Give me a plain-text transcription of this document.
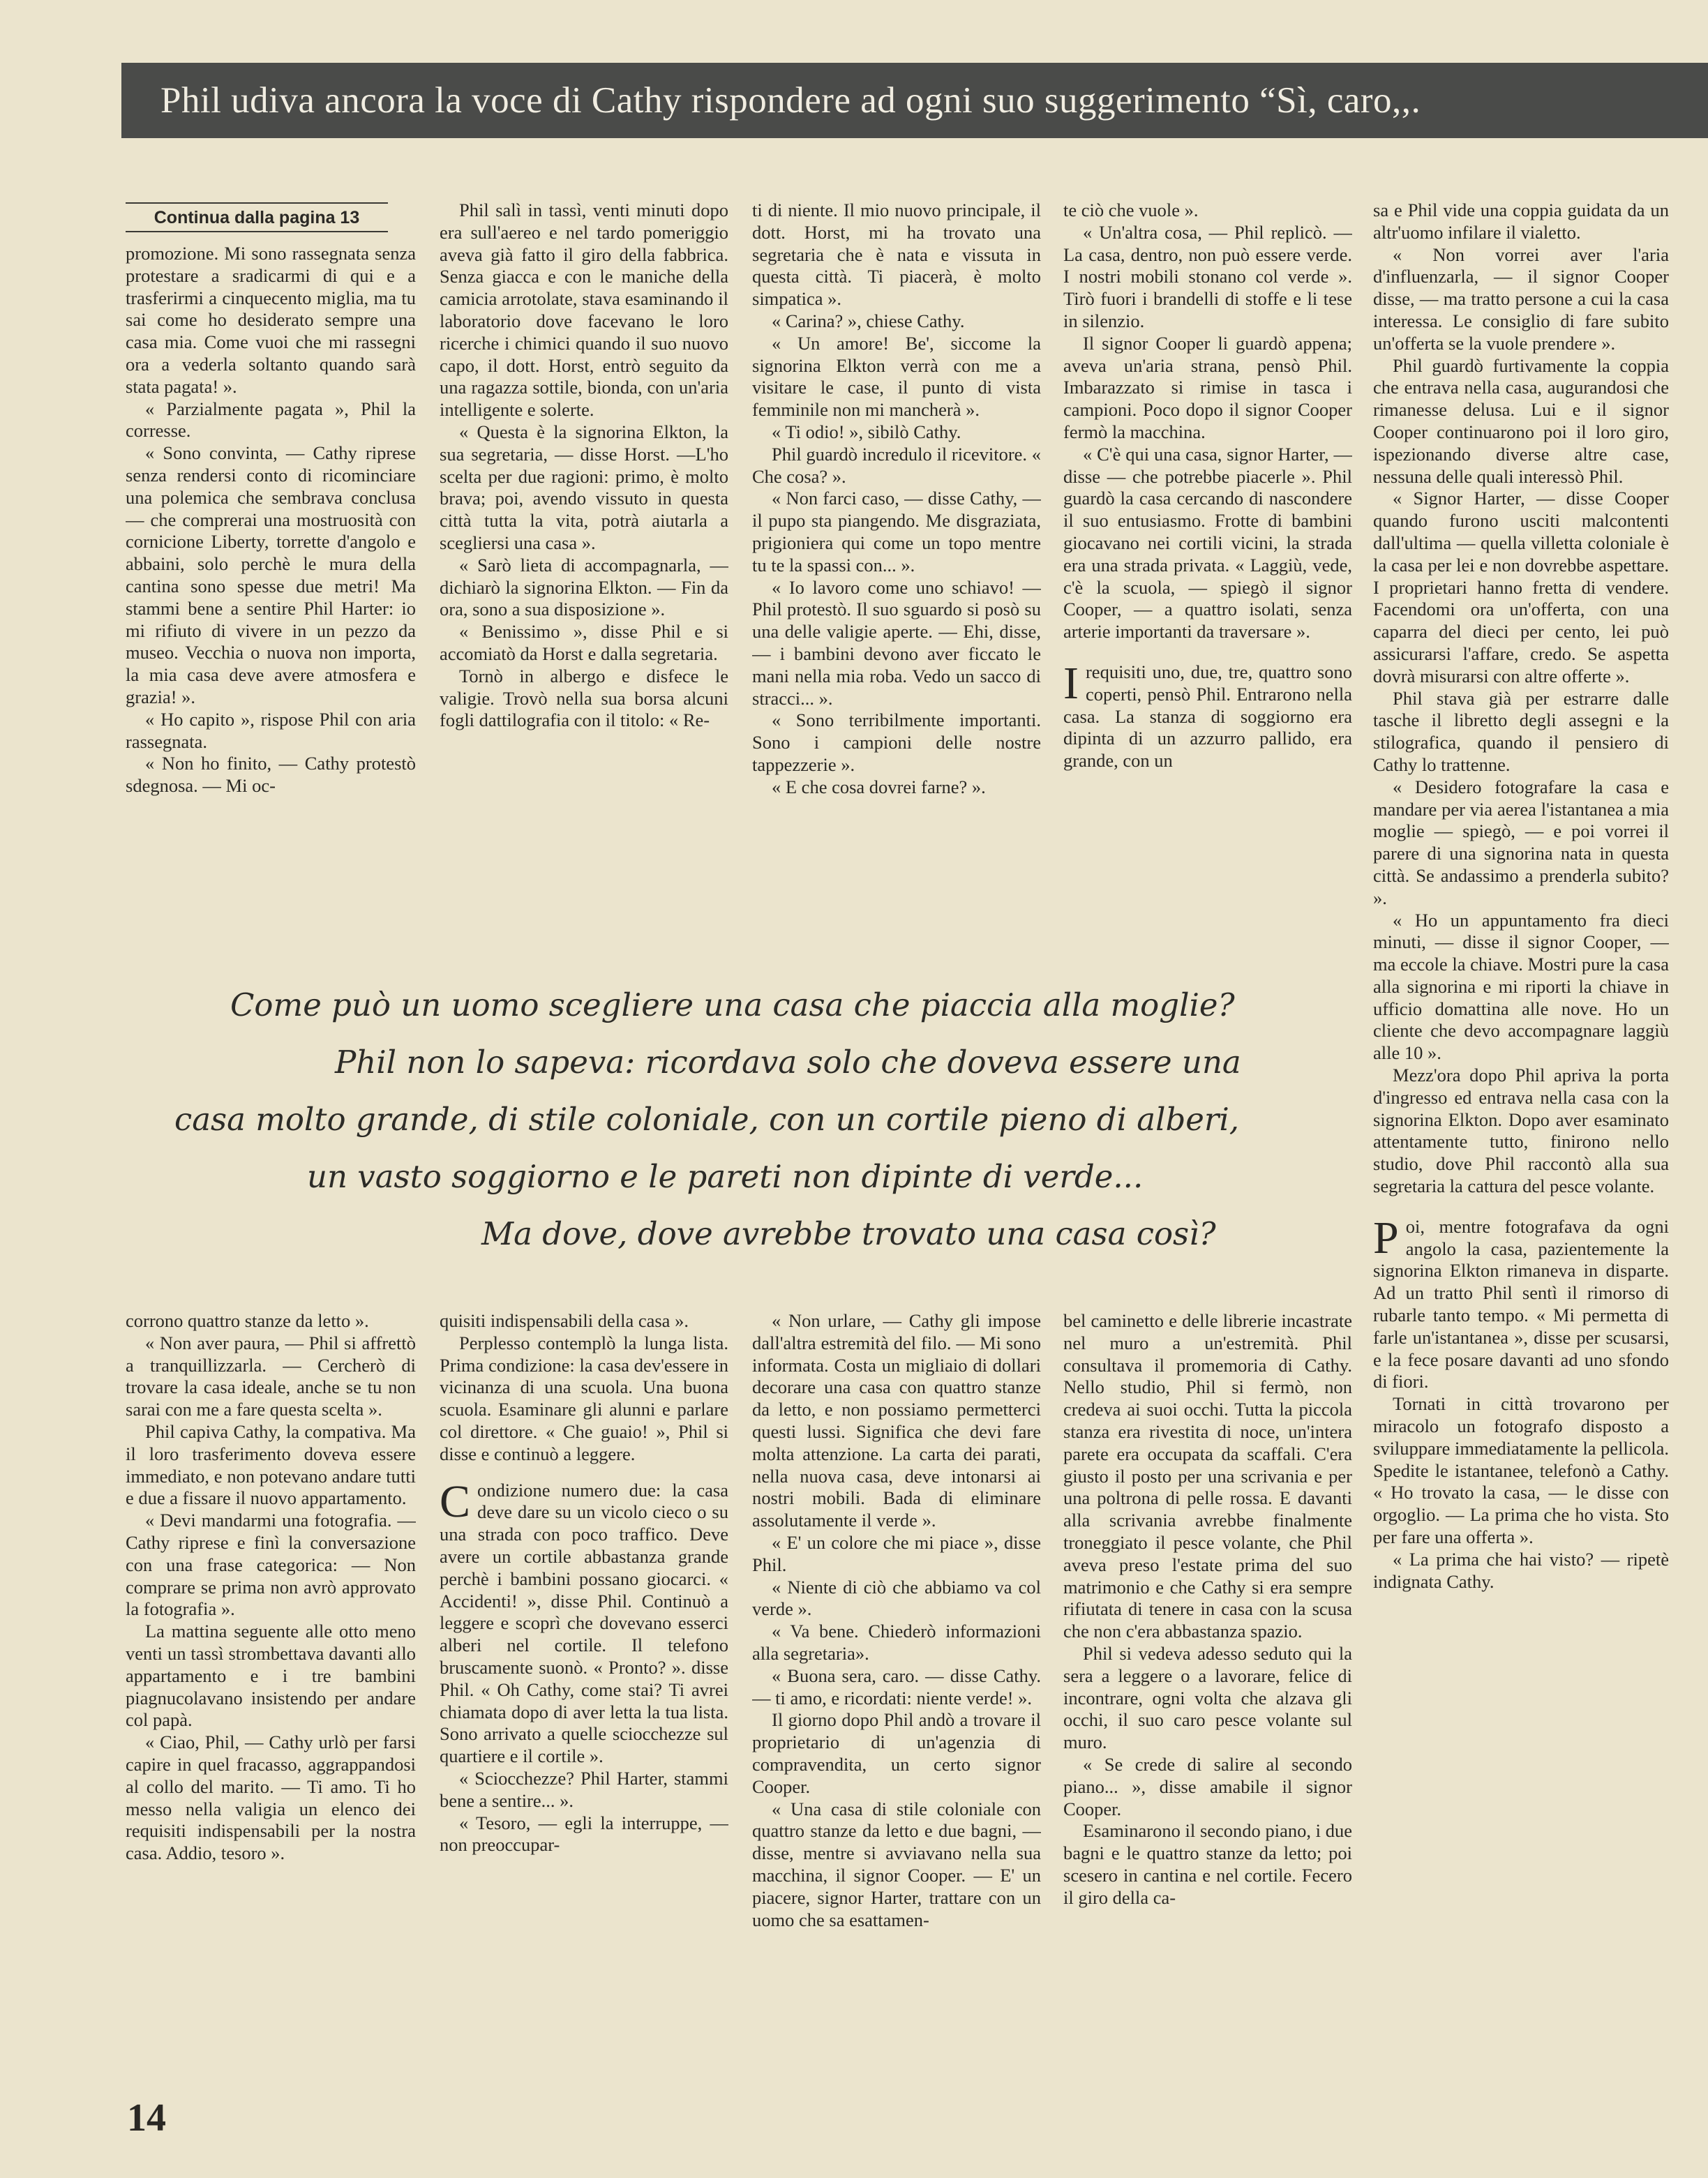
Phil udiva ancora la voce di Cathy rispondere ad ogni suo suggerimento “Sì, caro,,.
Continua dalla pagina 13

promozione. Mi sono rassegnata senza protestare a sradicarmi di qui e a trasferirmi a cinquecento miglia, ma tu sai come ho desiderato sempre una casa mia. Come vuoi che mi rassegni ora a vederla soltanto quando sarà stata pagata! ».

« Parzialmente pagata », Phil la corresse.

« Sono convinta, — Cathy riprese senza rendersi conto di ricominciare una polemica che sembrava conclusa — che comprerai una mostruosità con cornicione Liberty, torrette d'angolo e abbaini, solo perchè le mura della cantina sono spesse due metri! Ma stammi bene a sentire Phil Harter: io mi rifiuto di vivere in un pezzo da museo. Vecchia o nuova non importa, la mia casa deve avere atmosfera e grazia! ».

« Ho capito », rispose Phil con aria rassegnata.

« Non ho finito, — Cathy protestò sdegnosa. — Mi oc-

Phil salì in tassì, venti minuti dopo era sull'aereo e nel tardo pomeriggio aveva già fatto il giro della fabbrica. Senza giacca e con le maniche della camicia arrotolate, stava esaminando il laboratorio dove facevano le loro ricerche i chimici quando il suo nuovo capo, il dott. Horst, entrò seguito da una ragazza sottile, bionda, con un'aria intelligente e solerte.

« Questa è la signorina Elkton, la sua segretaria, — disse Horst. —L'ho scelta per due ragioni: primo, è molto brava; poi, avendo vissuto in questa città tutta la vita, potrà aiutarla a scegliersi una casa ».

« Sarò lieta di accompagnarla, — dichiarò la signorina Elkton. — Fin da ora, sono a sua disposizione ».

« Benissimo », disse Phil e si accomiatò da Horst e dalla segretaria.

Tornò in albergo e disfece le valigie. Trovò nella sua borsa alcuni fogli dattilografia con il titolo: « Re-

ti di niente. Il mio nuovo principale, il dott. Horst, mi ha trovato una segretaria che è nata e vissuta in questa città. Ti piacerà, è molto simpatica ».

« Carina? », chiese Cathy.

« Un amore! Be', siccome la signorina Elkton verrà con me a visitare le case, il punto di vista femminile non mi mancherà ».

« Ti odio! », sibilò Cathy.

Phil guardò incredulo il ricevitore. « Che cosa? ».

« Non farci caso, — disse Cathy, — il pupo sta piangendo. Me disgraziata, prigioniera qui come un topo mentre tu te la spassi con... ».

« Io lavoro come uno schiavo! — Phil protestò. Il suo sguardo si posò su una delle valigie aperte. — Ehi, disse, — i bambini devono aver ficcato le mani nella mia roba. Vedo un sacco di stracci... ».

« Sono terribilmente importanti. Sono i campioni delle nostre tappezzerie ».

« E che cosa dovrei farne? ».

te ciò che vuole ».

« Un'altra cosa, — Phil replicò. — La casa, dentro, non può essere verde. I nostri mobili stonano col verde ». Tirò fuori i brandelli di stoffe e li tese in silenzio.

Il signor Cooper li guardò appena; aveva un'aria strana, pensò Phil. Imbarazzato si rimise in tasca i campioni. Poco dopo il signor Cooper fermò la macchina.

« C'è qui una casa, signor Harter, — disse — che potrebbe piacerle ». Phil guardò la casa cercando di nascondere il suo entusiasmo. Frotte di bambini giocavano nei cortili vicini, la strada era una strada privata. « Laggiù, vede, c'è la scuola, — spiegò il signor Cooper, — a quattro isolati, senza arterie importanti da traversare ».

Irequisiti uno, due, tre, quattro sono coperti, pensò Phil. Entrarono nella casa. La stanza di soggiorno era dipinta di un azzurro pallido, era grande, con un

sa e Phil vide una coppia guidata da un altr'uomo infilare il vialetto.

« Non vorrei aver l'aria d'influenzarla, — il signor Cooper disse, — ma tratto persone a cui la casa interessa. Le consiglio di fare subito un'offerta se la vuole prendere ».

Phil guardò furtivamente la coppia che entrava nella casa, augurandosi che rimanesse delusa. Lui e il signor Cooper continuarono poi il loro giro, ispezionando diverse altre case, nessuna delle quali interessò Phil.

« Signor Harter, — disse Cooper quando furono usciti malcontenti dall'ultima — quella villetta coloniale è la casa per lei e non dovrebbe aspettare. I proprietari hanno fretta di vendere. Facendomi ora un'offerta, con una caparra del dieci per cento, lei può assicurarsi l'affare, credo. Se aspetta dovrà misurarsi con altre offerte ».

Phil stava già per estrarre dalle tasche il libretto degli assegni e la stilografica, quando il pensiero di Cathy lo trattenne.

« Desidero fotografare la casa e mandare per via aerea l'istantanea a mia moglie — spiegò, — e poi vorrei il parere di una signorina nata in questa città. Se andassimo a prenderla subito? ».

« Ho un appuntamento fra dieci minuti, — disse il signor Cooper, — ma eccole la chiave. Mostri pure la casa alla signorina e mi riporti la chiave in ufficio domattina alle nove. Ho un cliente che devo accompagnare laggiù alle 10 ».

Mezz'ora dopo Phil apriva la porta d'ingresso ed entrava nella casa con la signorina Elkton. Dopo aver esaminato attentamente tutto, finirono nello studio, dove Phil raccontò alla sua segretaria la cattura del pesce volante.

Poi, mentre fotografava da ogni angolo la casa, pazientemente la signorina Elkton rimaneva in disparte. Ad un tratto Phil sentì il rimorso di rubarle tanto tempo. « Mi permetta di farle un'istantanea », disse per scusarsi, e la fece posare davanti ad uno sfondo di fiori.

Tornati in città trovarono per miracolo un fotografo disposto a sviluppare immediatamente la pellicola. Spedite le istantanee, telefonò a Cathy. « Ho trovato la casa, — le disse con orgoglio. — La prima che ho vista. Sto per fare una offerta ».

« La prima che hai visto? — ripetè indignata Cathy.

Come può un uomo scegliere una casa che piaccia alla moglie?
Phil non lo sapeva: ricordava solo che doveva essere una
casa molto grande, di stile coloniale, con un cortile pieno di alberi,
un vasto soggiorno e le pareti non dipinte di verde...
Ma dove, dove avrebbe trovato una casa così?

corrono quattro stanze da letto ».

« Non aver paura, — Phil si affrettò a tranquillizzarla. — Cercherò di trovare la casa ideale, anche se tu non sarai con me a fare questa scelta ».

Phil capiva Cathy, la compativa. Ma il loro trasferimento doveva essere immediato, e non potevano andare tutti e due a fissare il nuovo appartamento.

« Devi mandarmi una fotografia. — Cathy riprese e finì la conversazione con una frase categorica: — Non comprare se prima non avrò approvato la fotografia ».

La mattina seguente alle otto meno venti un tassì strombettava davanti allo appartamento e i tre bambini piagnucolavano insistendo per andare col papà.

« Ciao, Phil, — Cathy urlò per farsi capire in quel fracasso, aggrappandosi al collo del marito. — Ti amo. Ti ho messo nella valigia un elenco dei requisiti indispensabili per la nostra casa. Addio, tesoro ».

quisiti indispensabili della casa ».

Perplesso contemplò la lunga lista. Prima condizione: la casa dev'essere in vicinanza di una scuola. Una buona scuola. Esaminare gli alunni e parlare col direttore. « Che guaio! », Phil si disse e continuò a leggere.

Condizione numero due: la casa deve dare su un vicolo cieco o su una strada con poco traffico. Deve avere un cortile abbastanza grande perchè i bambini possano giocarci. « Accidenti! », disse Phil. Continuò a leggere e scoprì che dovevano esserci alberi nel cortile. Il telefono bruscamente suonò. « Pronto? ». disse Phil. « Oh Cathy, come stai? Ti avrei chiamata dopo di aver letta la tua lista. Sono arrivato a quelle sciocchezze sul quartiere e il cortile ».

« Sciocchezze? Phil Harter, stammi bene a sentire... ».

« Tesoro, — egli la interruppe, — non preoccupar-

« Non urlare, — Cathy gli impose dall'altra estremità del filo. — Mi sono informata. Costa un migliaio di dollari decorare una casa con quattro stanze da letto, e non possiamo permetterci questi lussi. Significa che devi fare molta attenzione. La carta dei parati, nella nuova casa, deve intonarsi ai nostri mobili. Bada di eliminare assolutamente il verde ».

« E' un colore che mi piace », disse Phil.

« Niente di ciò che abbiamo va col verde ».

« Va bene. Chiederò informazioni alla segretaria».

« Buona sera, caro. — disse Cathy. — ti amo, e ricordati: niente verde! ».

Il giorno dopo Phil andò a trovare il proprietario di un'agenzia di compravendita, un certo signor Cooper.

« Una casa di stile coloniale con quattro stanze da letto e due bagni, — disse, mentre si avviavano nella sua macchina, il signor Cooper. — E' un piacere, signor Harter, trattare con un uomo che sa esattamen-

bel caminetto e delle librerie incastrate nel muro a un'estremità. Phil consultava il promemoria di Cathy. Nello studio, Phil si fermò, non credeva ai suoi occhi. Tutta la piccola stanza era rivestita di noce, un'intera parete era occupata da scaffali. C'era giusto il posto per una scrivania e per una poltrona di pelle rossa. E davanti alla scrivania avrebbe finalmente troneggiato il pesce volante, che Phil aveva preso l'estate prima del suo matrimonio e che Cathy si era sempre rifiutata di tenere in casa con la scusa che non c'era abbastanza spazio.

Phil si vedeva adesso seduto qui la sera a leggere o a lavorare, felice di incontrare, ogni volta che alzava gli occhi, il suo caro pesce volante sul muro.

« Se crede di salire al secondo piano... », disse amabile il signor Cooper.

Esaminarono il secondo piano, i due bagni e le quattro stanze da letto; poi scesero in cantina e nel cortile. Fecero il giro della ca-

14
